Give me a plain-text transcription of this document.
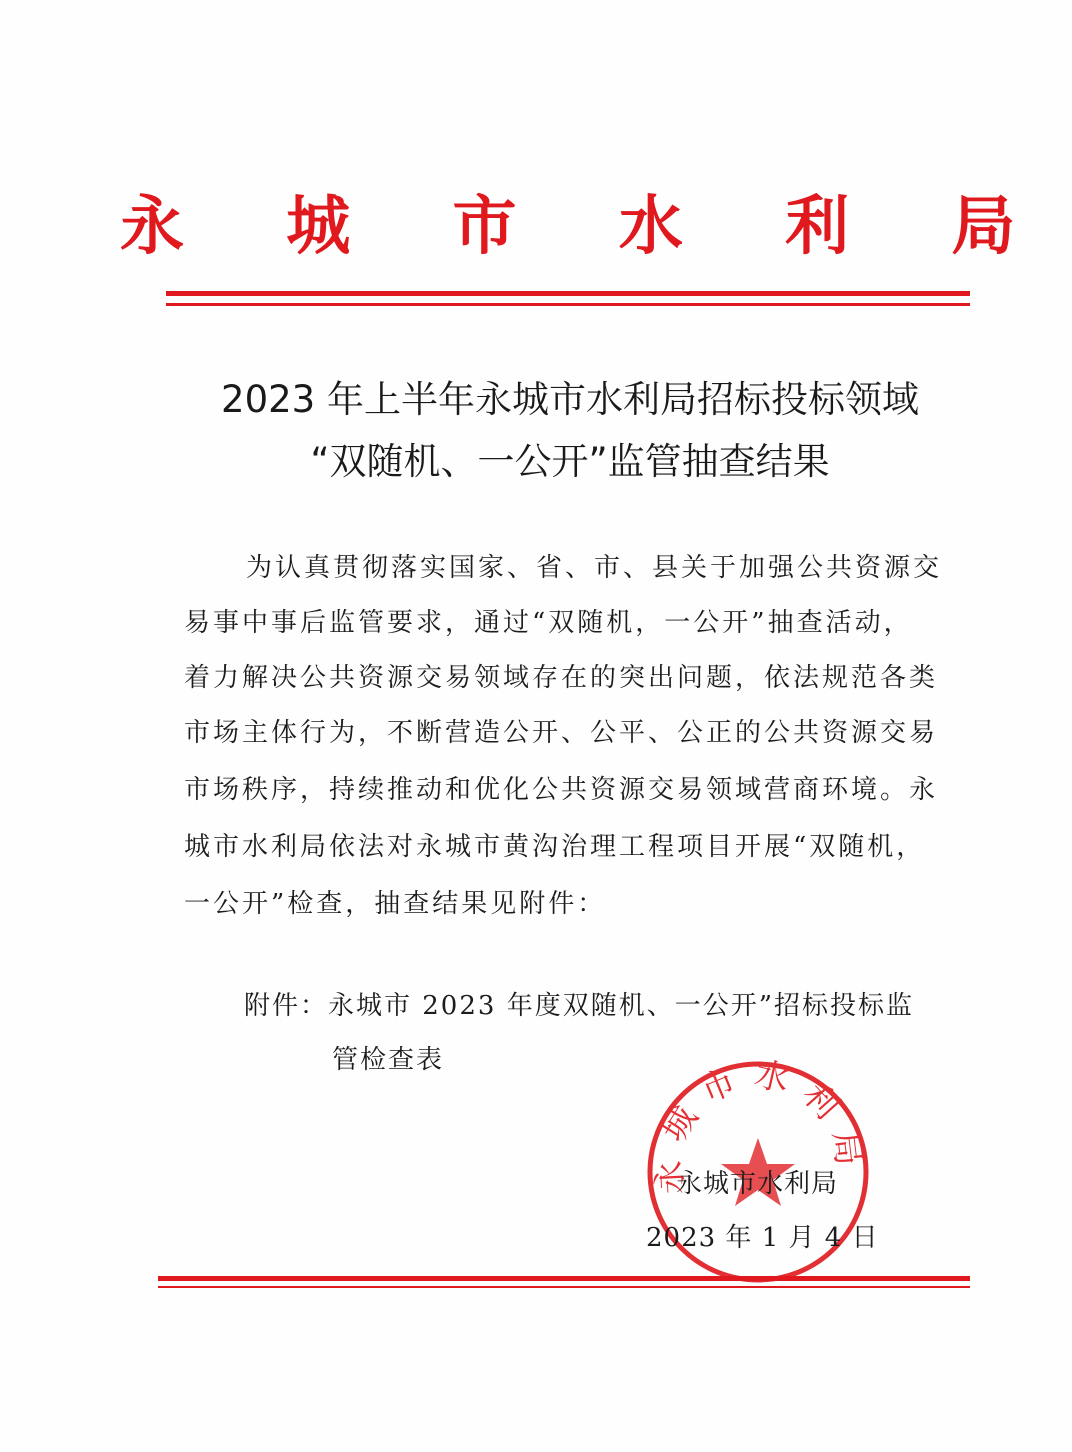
永 城 市 水 利 局
2023 年上半年永城市水利局招标投标领域
“双随机、一公开”监管抽查结果
为认真贯彻落实国家、省、市、县关于加强公共资源交
易事中事后监管要求，通过“双随机，一公开”抽查活动，
着力解决公共资源交易领域存在的突出问题，依法规范各类
市场主体行为，不断营造公开、公平、公正的公共资源交易
市场秩序，持续推动和优化公共资源交易领域营商环境。永
城市水利局依法对永城市黄沟治理工程项目开展“双随机，
一公开”检查，抽查结果见附件：
附件：永城市 2023 年度双随机、一公开”招标投标监
管检查表
永城市水利局
永城市水利局
2023 年 1 月 4 日
